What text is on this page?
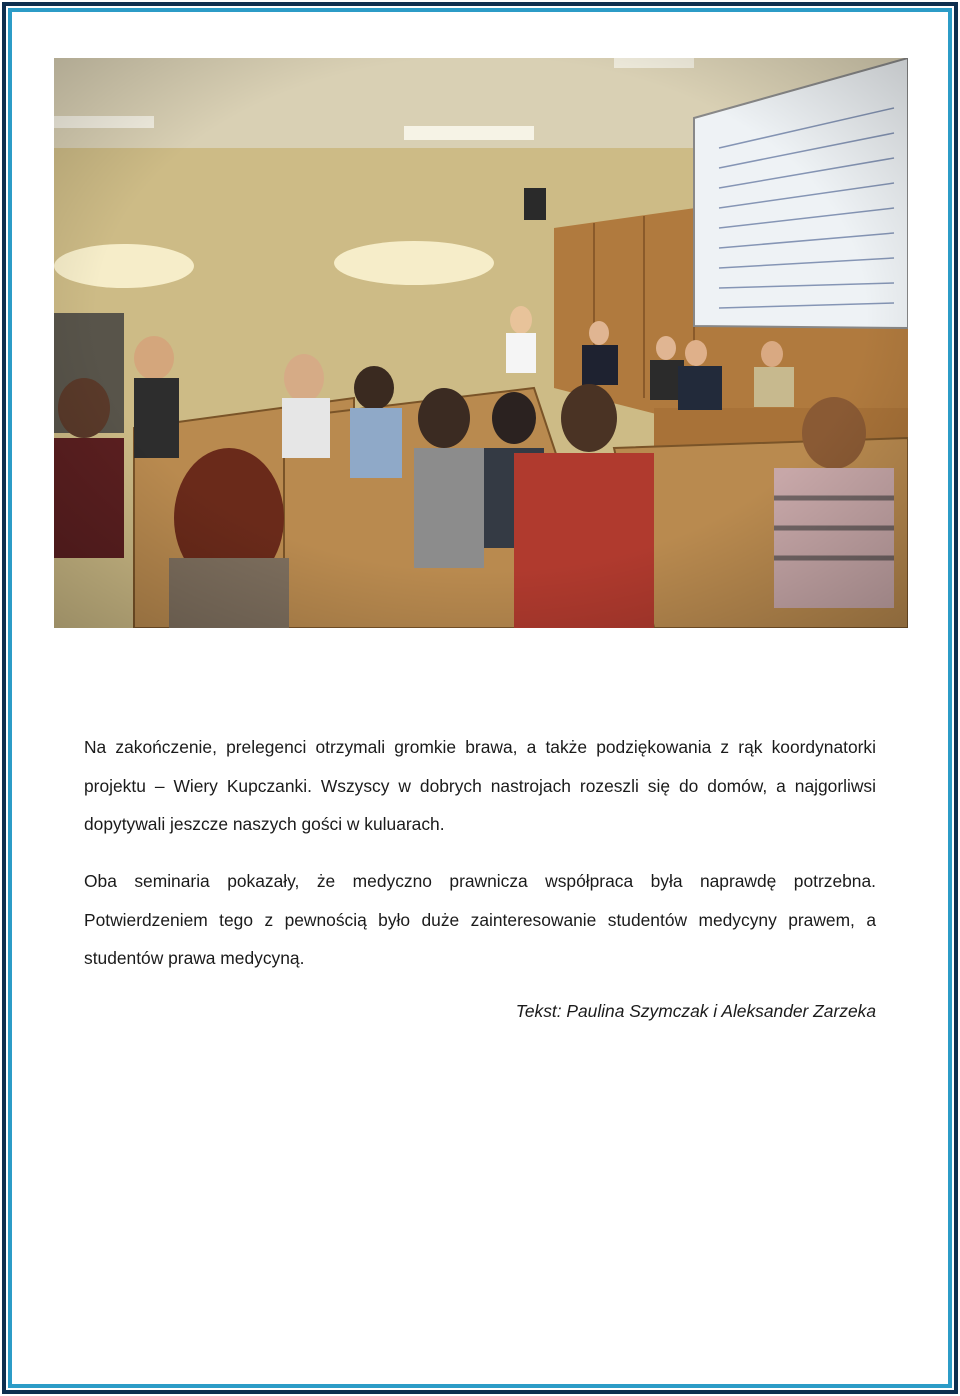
Na zakończenie, prelegenci otrzymali gromkie brawa, a także podziękowania z rąk koordynatorki projektu – Wiery Kupczanki. Wszyscy w dobrych nastrojach rozeszli się do domów, a najgorliwsi dopytywali jeszcze naszych gości w kuluarach.

Oba seminaria pokazały, że medyczno prawnicza współpraca była naprawdę potrzebna. Potwierdzeniem tego z pewnością było duże zainteresowanie studentów medycyny prawem, a studentów prawa medycyną.

Tekst: Paulina Szymczak i Aleksander Zarzeka
